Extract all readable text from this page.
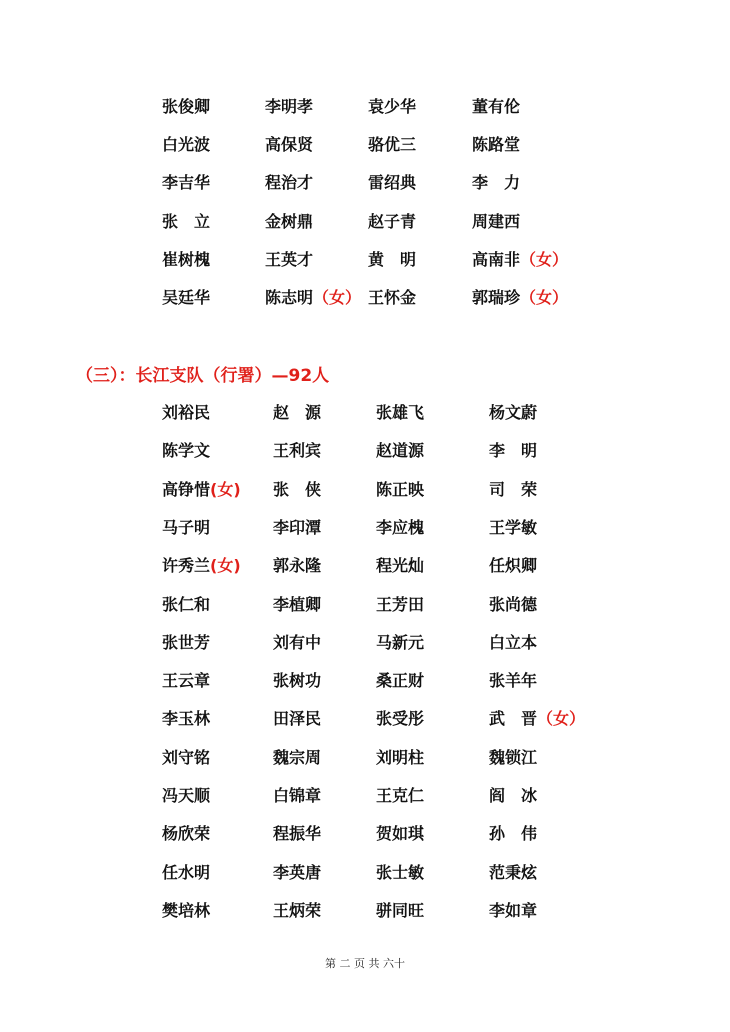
张俊卿	李明孝	袁少华	董有伦
白光波	高保贤	骆优三	陈路堂
李吉华	程治才	雷绍典	李　力
张　立	金树鼎	赵子青	周建西
崔树槐	王英才	黄　明	高南非（女）
吴廷华	陈志明（女） 王怀金	郭瑞珍（女）
（三）：长江支队（行署）—92人
刘裕民	赵　源	张雄飞	杨文蔚
陈学文	王利宾	赵道源	李　明
高铮惜(女) 张　侠	陈正映	司　荣
马子明	李印潭	李应槐	王学敏
许秀兰(女) 郭永隆	程光灿	任炽卿
张仁和	李植卿	王芳田	张尚德
张世芳	刘有中	马新元	白立本
王云章	张树功	桑正财	张羊年
李玉林	田泽民	张受彤	武　晋（女）
刘守铭	魏宗周	刘明柱	魏锁江
冯天顺	白锦章	王克仁	阎　冰
杨欣荣	程振华	贺如琪	孙　伟
任水明	李英唐	张士敏	范秉炫
樊培林	王炳荣	骈同旺	李如章
第 二 页 共 六十
